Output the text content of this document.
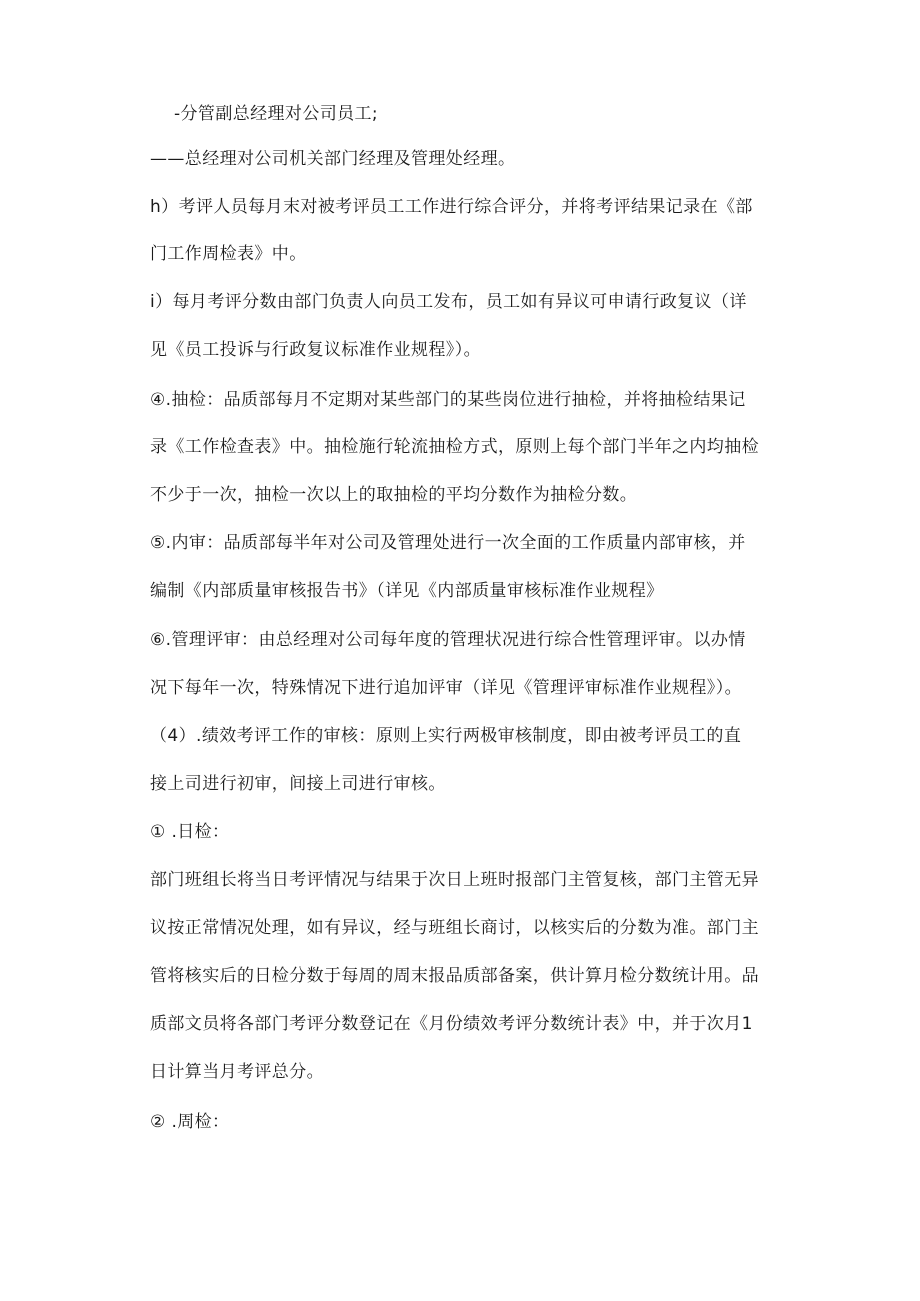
-分管副总经理对公司员工;
——总经理对公司机关部门经理及管理处经理。
h）考评人员每月末对被考评员工工作进行综合评分，并将考评结果记录在《部
门工作周检表》中。
i）每月考评分数由部门负责人向员工发布，员工如有异议可申请行政复议（详
见《员工投诉与行政复议标准作业规程》）。
④.抽检：品质部每月不定期对某些部门的某些岗位进行抽检，并将抽检结果记
录《工作检查表》中。抽检施行轮流抽检方式，原则上每个部门半年之内均抽检
不少于一次，抽检一次以上的取抽检的平均分数作为抽检分数。
⑤.内审：品质部每半年对公司及管理处进行一次全面的工作质量内部审核，并
编制《内部质量审核报告书》（详见《内部质量审核标准作业规程》
⑥.管理评审：由总经理对公司每年度的管理状况进行综合性管理评审。以办情
况下每年一次，特殊情况下进行追加评审（详见《管理评审标准作业规程》）。
（4）.绩效考评工作的审核：原则上实行两极审核制度，即由被考评员工的直
接上司进行初审，间接上司进行审核。
① .日检：
部门班组长将当日考评情况与结果于次日上班时报部门主管复核，部门主管无异
议按正常情况处理，如有异议，经与班组长商讨，以核实后的分数为准。部门主
管将核实后的日检分数于每周的周末报品质部备案，供计算月检分数统计用。品
质部文员将各部门考评分数登记在《月份绩效考评分数统计表》中，并于次月1
日计算当月考评总分。
② .周检：
